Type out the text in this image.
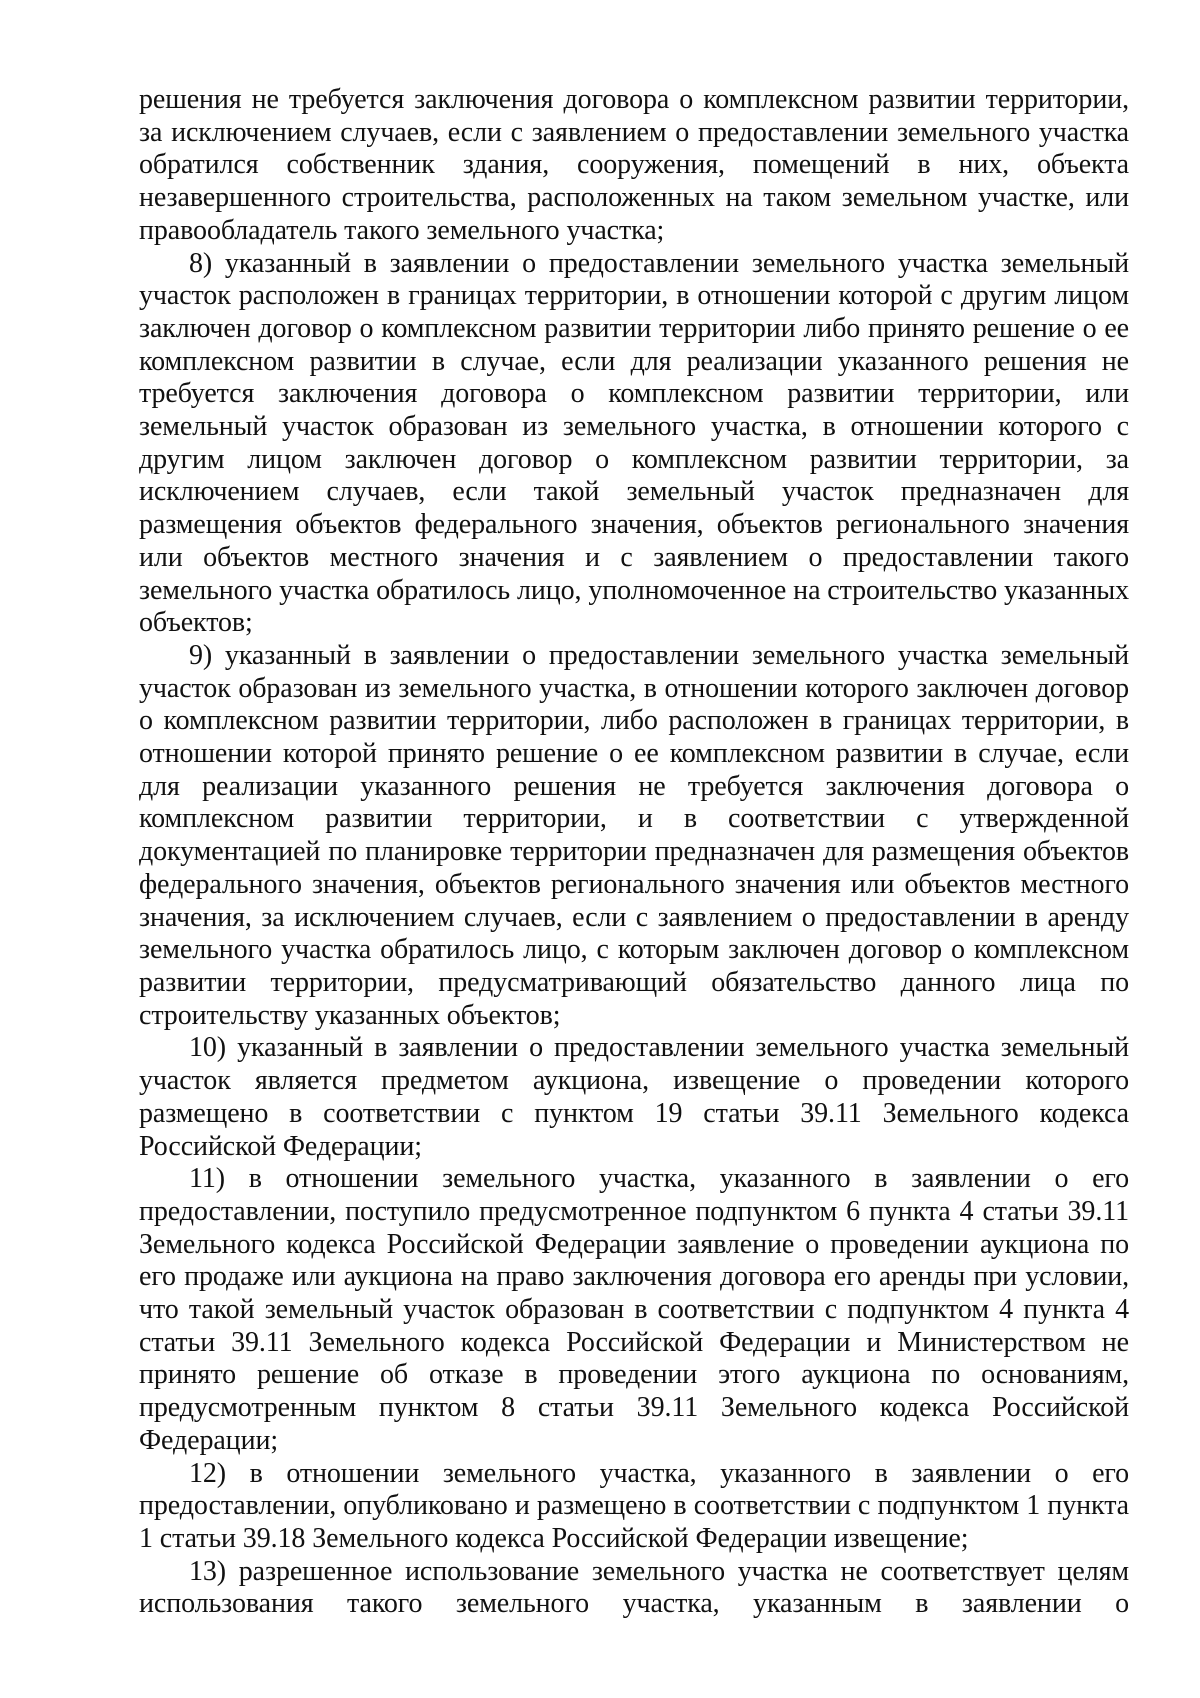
решения не требуется заключения договора о комплексном развитии территории, за исключением случаев, если с заявлением о предоставлении земельного участка обратился собственник здания, сооружения, помещений в них, объекта незавершенного строительства, расположенных на таком земельном участке, или правообладатель такого земельного участка;

8) указанный в заявлении о предоставлении земельного участка земельный участок расположен в границах территории, в отношении которой с другим лицом заключен договор о комплексном развитии территории либо принято решение о ее комплексном развитии в случае, если для реализации указанного решения не требуется заключения договора о комплексном развитии территории, или земельный участок образован из земельного участка, в отношении которого с другим лицом заключен договор о комплексном развитии территории, за исключением случаев, если такой земельный участок предназначен для размещения объектов федерального значения, объектов регионального значения или объектов местного значения и с заявлением о предоставлении такого земельного участка обратилось лицо, уполномоченное на строительство указанных объектов;

9) указанный в заявлении о предоставлении земельного участка земельный участок образован из земельного участка, в отношении которого заключен договор о комплексном развитии территории, либо расположен в границах территории, в отношении которой принято решение о ее комплексном развитии в случае, если для реализации указанного решения не требуется заключения договора о комплексном развитии территории, и в соответствии с утвержденной документацией по планировке территории предназначен для размещения объектов федерального значения, объектов регионального значения или объектов местного значения, за исключением случаев, если с заявлением о предоставлении в аренду земельного участка обратилось лицо, с которым заключен договор о комплексном развитии территории, предусматривающий обязательство данного лица по строительству указанных объектов;

10) указанный в заявлении о предоставлении земельного участка земельный участок является предметом аукциона, извещение о проведении которого размещено в соответствии с пунктом 19 статьи 39.11 Земельного кодекса Российской Федерации;

11) в отношении земельного участка, указанного в заявлении о его предоставлении, поступило предусмотренное подпунктом 6 пункта 4 статьи 39.11 Земельного кодекса Российской Федерации заявление о проведении аукциона по его продаже или аукциона на право заключения договора его аренды при условии, что такой земельный участок образован в соответствии с подпунктом 4 пункта 4 статьи 39.11 Земельного кодекса Российской Федерации и Министерством не принято решение об отказе в проведении этого аукциона по основаниям, предусмотренным пунктом 8 статьи 39.11 Земельного кодекса Российской Федерации;

12) в отношении земельного участка, указанного в заявлении о его предоставлении, опубликовано и размещено в соответствии с подпунктом 1 пункта 1 статьи 39.18 Земельного кодекса Российской Федерации извещение;

13) разрешенное использование земельного участка не соответствует целям использования такого земельного участка, указанным в заявлении о
